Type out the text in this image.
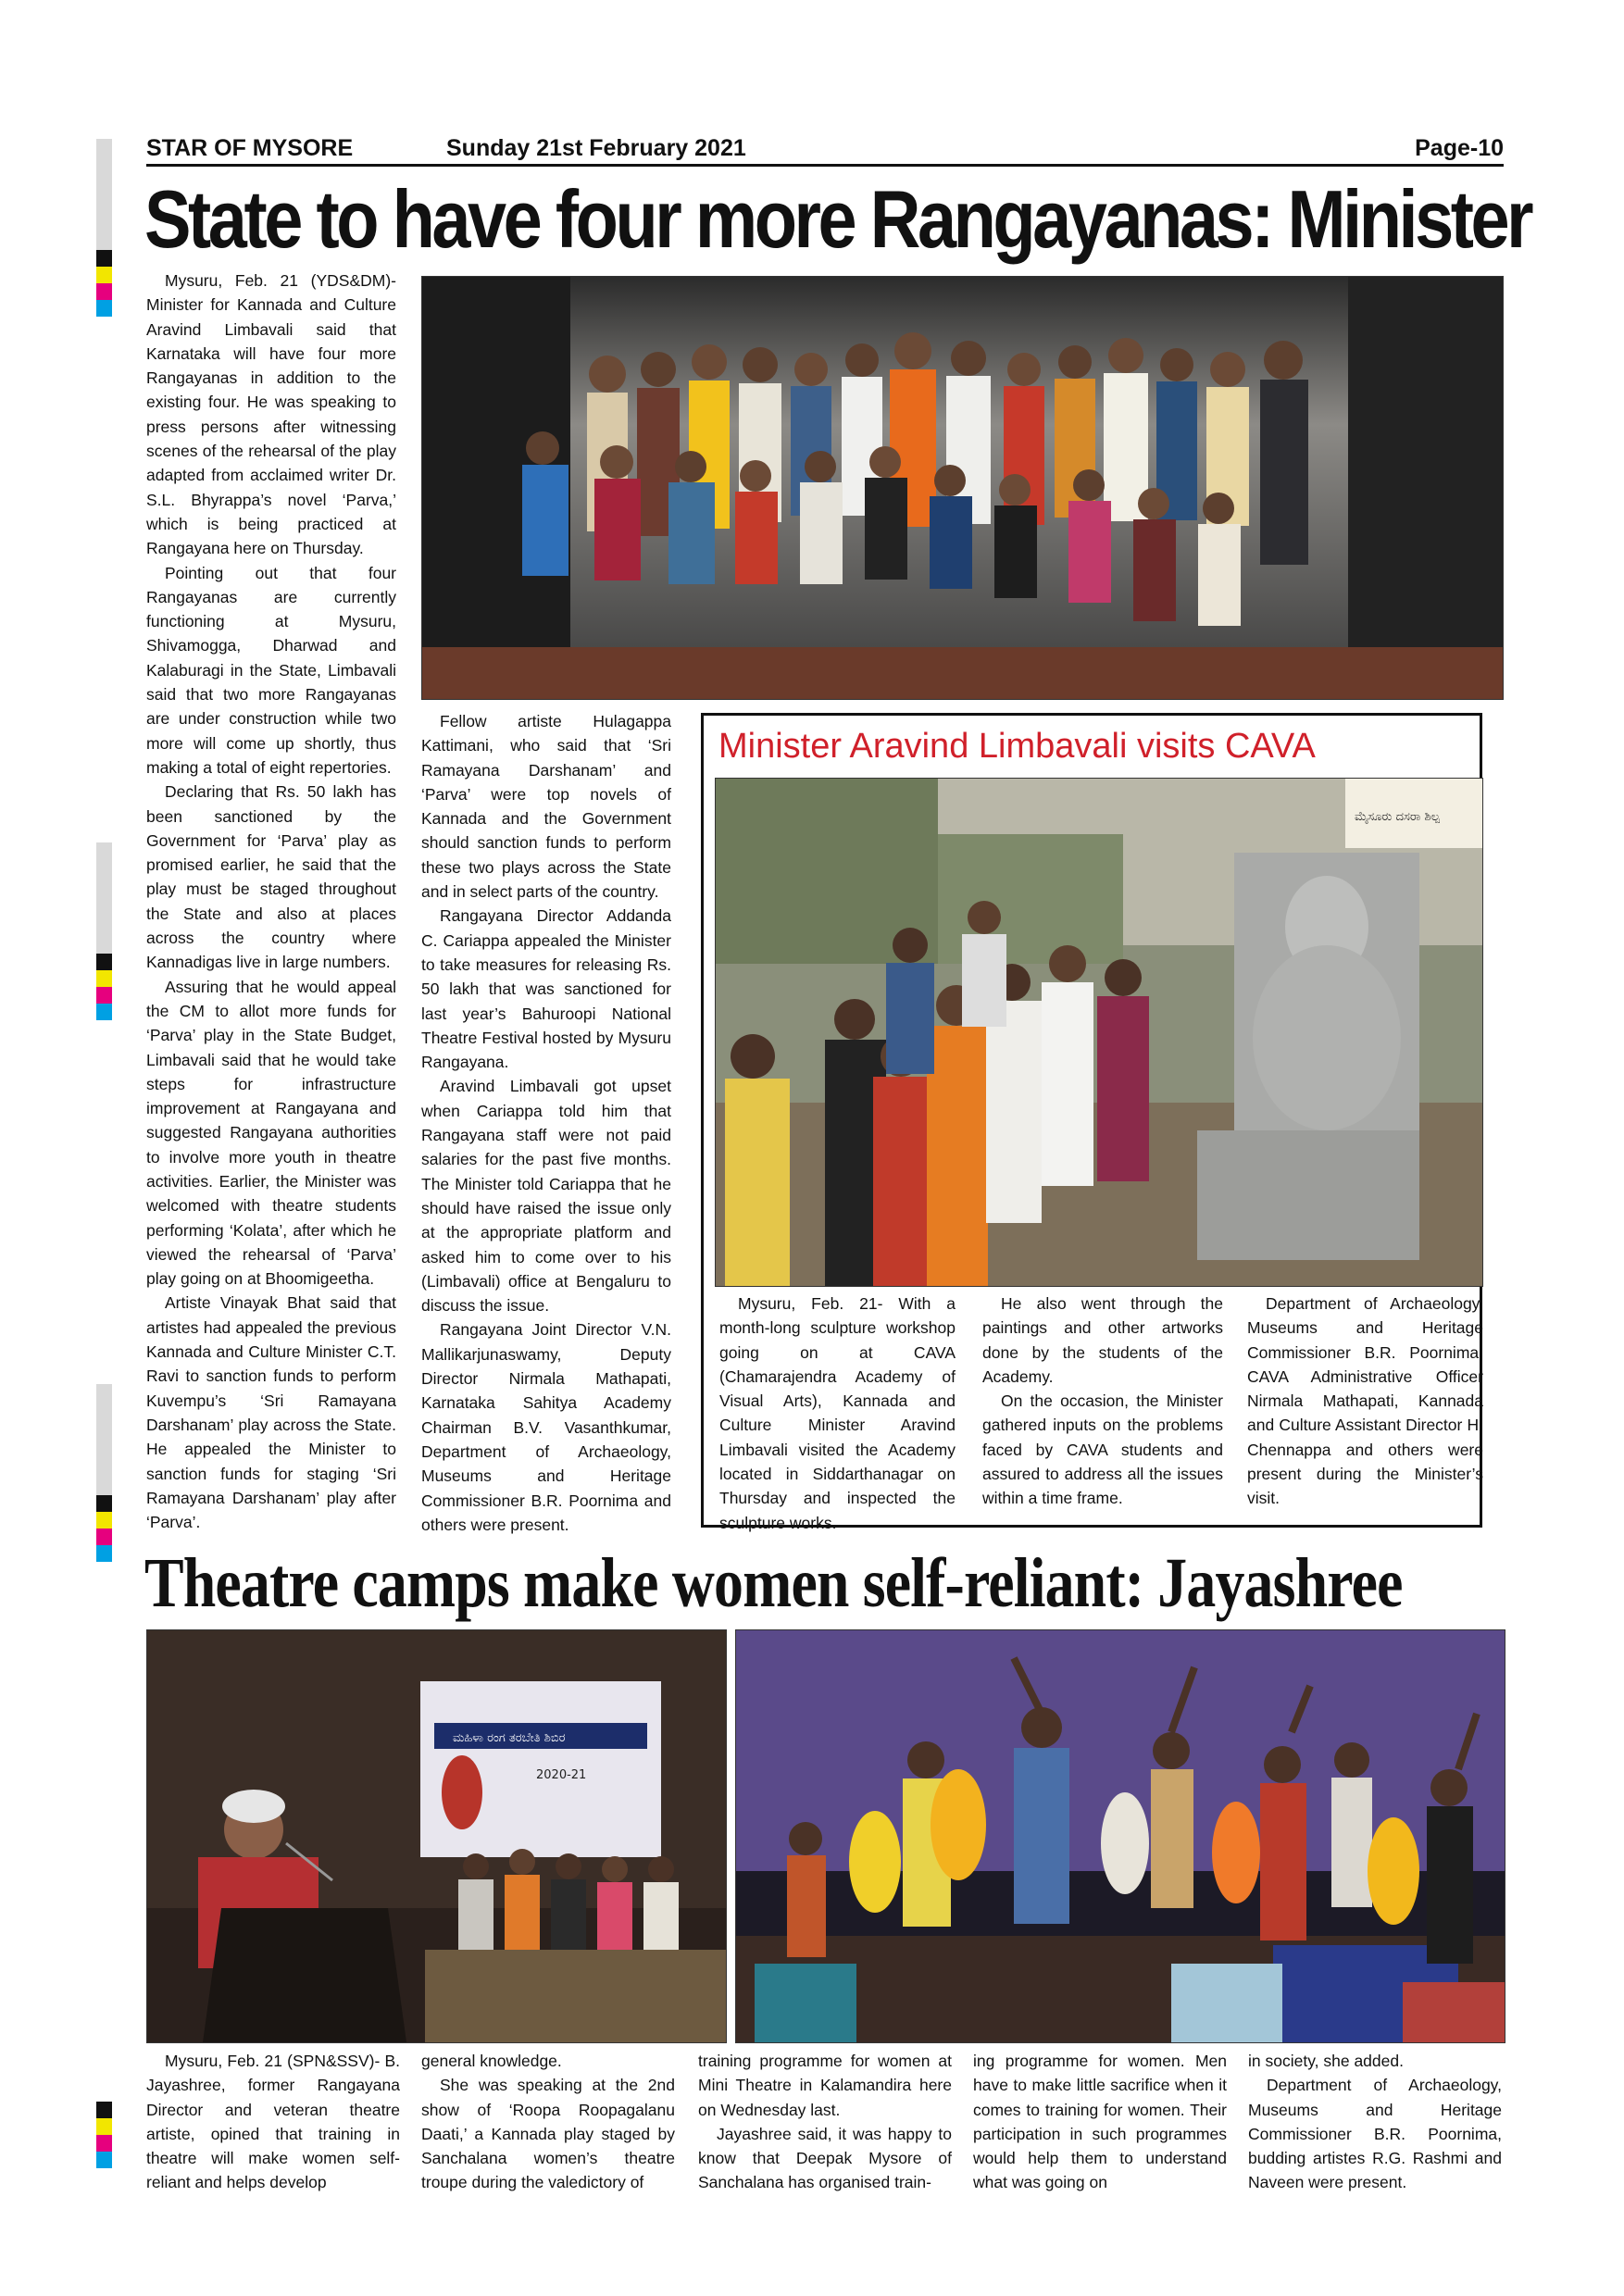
STAR OF MYSORE	Sunday 21st February 2021	Page-10
State to have four more Rangayanas: Minister

Mysuru, Feb. 21 (YDS&DM)- Minister for Kannada and Culture Aravind Limbavali said that Karnataka will have four more Rangayanas in addition to the existing four. He was speaking to press persons after witnessing scenes of the rehearsal of the play adapted from acclaimed writer Dr. S.L. Bhyrappa’s novel ‘Parva,’ which is being practiced at Rangayana here on Thursday.

Pointing out that four Rangayanas are currently functioning at Mysuru, Shivamogga, Dharwad and Kalaburagi in the State, Limbavali said that two more Rangayanas are under construction while two more will come up shortly, thus making a total of eight repertories.

Declaring that Rs. 50 lakh has been sanctioned by the Government for ‘Parva’ play as promised earlier, he said that the play must be staged throughout the State and also at places across the country where Kannadigas live in large numbers.

Assuring that he would appeal the CM to allot more funds for ‘Parva’ play in the State Budget, Limbavali said that he would take steps for infrastructure improvement at Rangayana and suggested Rangayana authorities to involve more youth in theatre activities. Earlier, the Minister was welcomed with theatre students performing ‘Kolata’, after which he viewed the rehearsal of ‘Parva’ play going on at Bhoomigeetha.

Artiste Vinayak Bhat said that artistes had appealed the previous Kannada and Culture Minister C.T. Ravi to sanction funds to perform Kuvempu’s ‘Sri Ramayana Darshanam’ play across the State. He appealed the Minister to sanction funds for staging ‘Sri Ramayana Darshanam’ play after ‘Parva’.

Fellow artiste Hulagappa Kattimani, who said that ‘Sri Ramayana Darshanam’ and ‘Parva’ were top novels of Kannada and the Government should sanction funds to perform these two plays across the State and in select parts of the country.

Rangayana Director Addanda C. Cariappa appealed the Minister to take measures for releasing Rs. 50 lakh that was sanctioned for last year’s Bahuroopi National Theatre Festival hosted by Mysuru Rangayana.

Aravind Limbavali got upset when Cariappa told him that Rangayana staff were not paid salaries for the past five months. The Minister told Cariappa that he should have raised the issue only at the appropriate platform and asked him to come over to his (Limbavali) office at Bengaluru to discuss the issue.

Rangayana Joint Director V.N. Mallikarjunaswamy, Deputy Director Nirmala Mathapati, Karnataka Sahitya Academy Chairman B.V. Vasanthkumar, Department of Archaeology, Museums and Heritage Commissioner B.R. Poornima and others were present.

Minister Aravind Limbavali visits CAVA
ಮೈಸೂರು ದಸರಾ ಶಿಲ್ಪ

Mysuru, Feb. 21- With a month-long sculpture workshop going on at CAVA (Chamarajendra Academy of Visual Arts), Kannada and Culture Minister Aravind Limbavali visited the Academy located in Siddarthanagar on Thursday and inspected the sculpture works.

He also went through the paintings and other artworks done by the students of the Academy.

On the occasion, the Minister gathered inputs on the problems faced by CAVA students and assured to address all the issues within a time frame.

Department of Archaeology, Museums and Heritage Commissioner B.R. Poornima, CAVA Administrative Officer Nirmala Mathapati, Kannada and Culture Assistant Director H. Chennappa and others were present during the Minister’s visit.

Theatre camps make women self-reliant: Jayashree
ಮಹಿಳಾ ರಂಗ ತರಬೇತಿ ಶಿಬಿರ
2020-21

Mysuru, Feb. 21 (SPN&SSV)- B. Jayashree, former Rangayana Director and veteran theatre artiste, opined that training in theatre will make women self-reliant and helps develop

general knowledge.

She was speaking at the 2nd show of ‘Roopa Roopagalanu Daati,’ a Kannada play staged by Sanchalana women’s theatre troupe during the valedictory of

training programme for women at Mini Theatre in Kalamandira here on Wednesday last.

Jayashree said, it was happy to know that Deepak Mysore of Sanchalana has organised train-

ing programme for women. Men have to make little sacrifice when it comes to training for women. Their participation in such programmes would help them to understand what was going on

in society, she added.

Department of Archaeology, Museums and Heritage Commissioner B.R. Poornima, budding artistes R.G. Rashmi and Naveen were present.
